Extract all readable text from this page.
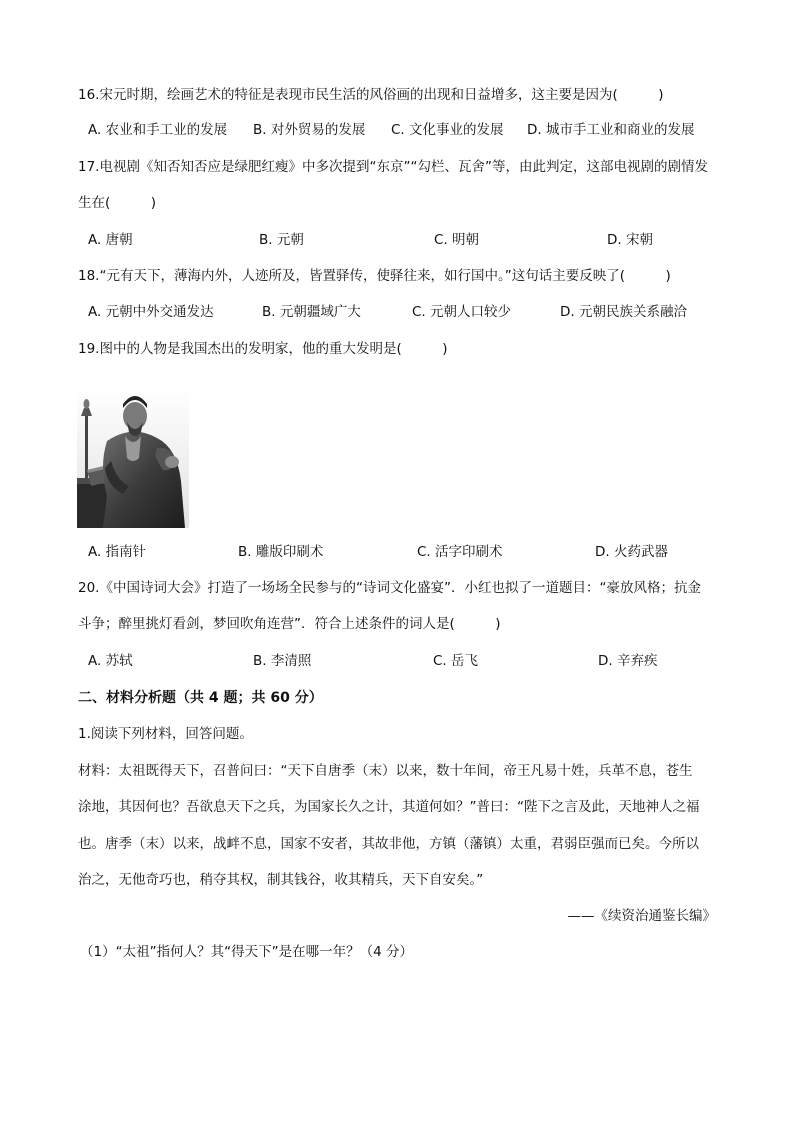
16.宋元时期，绘画艺术的特征是表现市民生活的风俗画的出现和日益增多，这主要是因为(　　　)
A. 农业和手工业的发展 B. 对外贸易的发展 C. 文化事业的发展 D. 城市手工业和商业的发展
17.电视剧《知否知否应是绿肥红瘦》中多次提到“东京”“勾栏、瓦舍”等，由此判定，这部电视剧的剧情发
生在(　　　)
A. 唐朝	B. 元朝	C. 明朝	D. 宋朝
18.“元有天下，薄海内外，人迹所及，皆置驿传，使驿往来，如行国中。”这句话主要反映了(　　　)
A. 元朝中外交通发达	B. 元朝疆域广大	C. 元朝人口较少	D. 元朝民族关系融洽
19.图中的人物是我国杰出的发明家，他的重大发明是(　　　)
A. 指南针	B. 雕版印刷术	C. 活字印刷术	D. 火药武器
20.《中国诗词大会》打造了一场场全民参与的“诗词文化盛宴”．小红也拟了一道题目：“豪放风格；抗金
斗争；醉里挑灯看剑，梦回吹角连营”．符合上述条件的词人是(　　　)
A. 苏轼	B. 李清照	C. 岳飞	D. 辛弃疾
二、材料分析题（共 4 题；共 60 分）
1.阅读下列材料，回答问题。
材料：太祖既得天下，召普问曰：“天下自唐季（末）以来，数十年间，帝王凡易十姓，兵革不息，苍生
涂地，其因何也？吾欲息天下之兵，为国家长久之计，其道何如？”普曰：“陛下之言及此，天地神人之福
也。唐季（末）以来，战衅不息，国家不安者，其故非他，方镇（藩镇）太重，君弱臣强而已矣。今所以
治之，无他奇巧也，稍夺其权，制其钱谷，收其精兵，天下自安矣。”
——《续资治通鉴长编》
（1）“太祖”指何人？其“得天下”是在哪一年？（4 分）
